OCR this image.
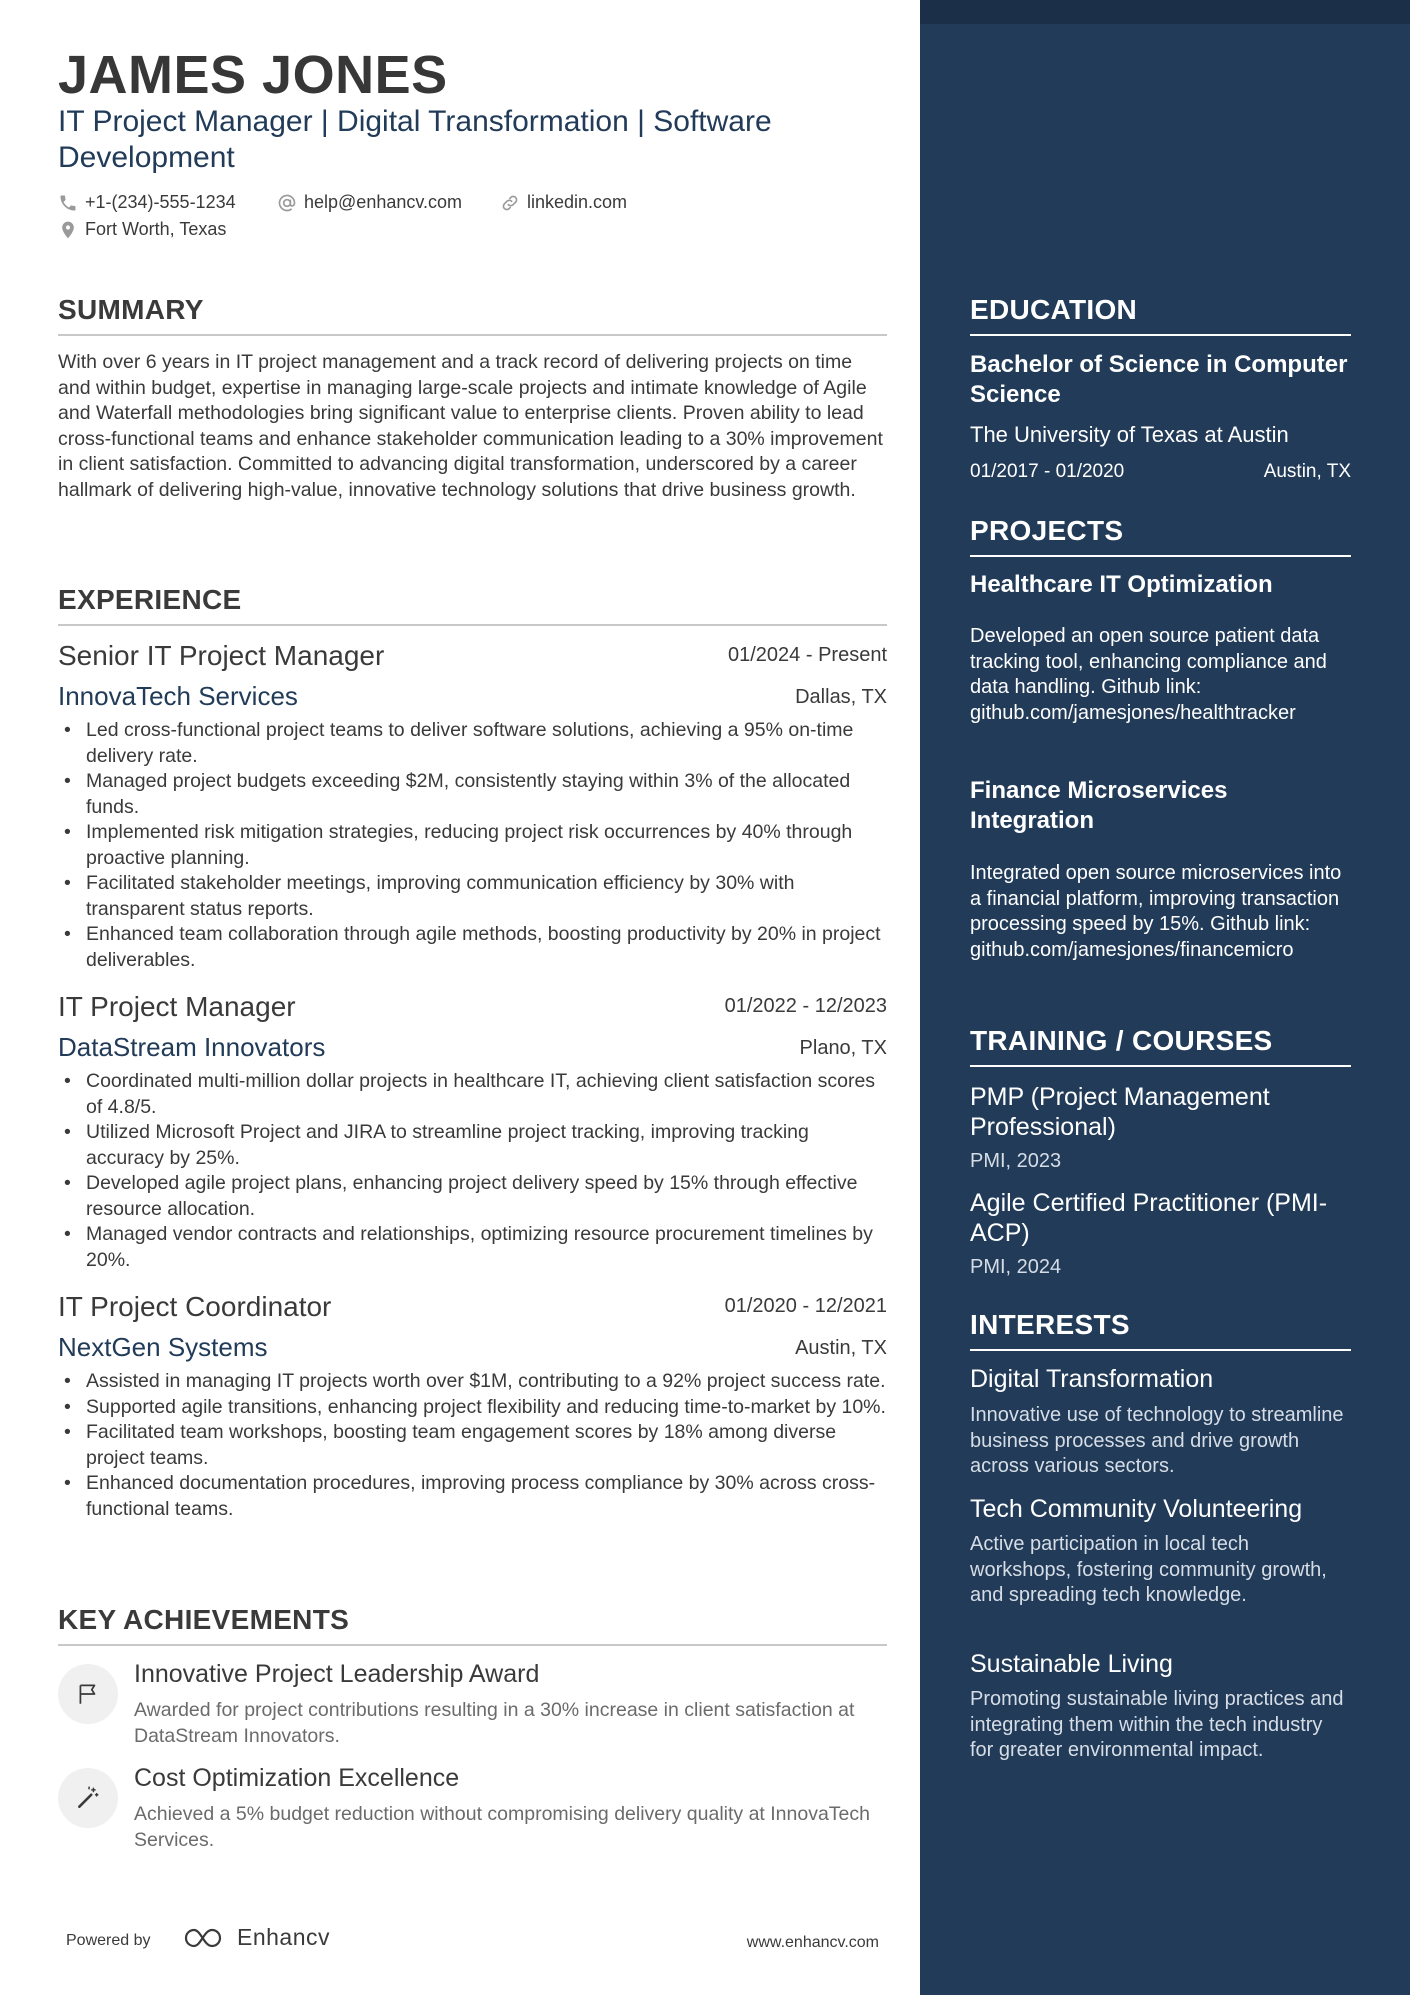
JAMES JONES

IT Project Manager | Digital Transformation | Software Development

+1-(234)-555-1234	help@enhancv.com	linkedin.com
Fort Worth, Texas
SUMMARY

With over 6 years in IT project management and a track record of delivering projects on time and within budget, expertise in managing large-scale projects and intimate knowledge of Agile and Waterfall methodologies bring significant value to enterprise clients. Proven ability to lead cross-functional teams and enhance stakeholder communication leading to a 30% improvement in client satisfaction. Committed to advancing digital transformation, underscored by a career hallmark of delivering high-value, innovative technology solutions that drive business growth.

EXPERIENCE
Senior IT Project Manager	01/2024 - Present
InnovaTech Services	Dallas, TX
• Led cross-functional project teams to deliver software solutions, achieving a 95% on-time delivery rate.
• Managed project budgets exceeding $2M, consistently staying within 3% of the allocated funds.
• Implemented risk mitigation strategies, reducing project risk occurrences by 40% through proactive planning.
• Facilitated stakeholder meetings, improving communication efficiency by 30% with transparent status reports.
• Enhanced team collaboration through agile methods, boosting productivity by 20% in project deliverables.
IT Project Manager	01/2022 - 12/2023
DataStream Innovators	Plano, TX
• Coordinated multi-million dollar projects in healthcare IT, achieving client satisfaction scores of 4.8/5.
• Utilized Microsoft Project and JIRA to streamline project tracking, improving tracking accuracy by 25%.
• Developed agile project plans, enhancing project delivery speed by 15% through effective resource allocation.
• Managed vendor contracts and relationships, optimizing resource procurement timelines by 20%.
IT Project Coordinator	01/2020 - 12/2021
NextGen Systems	Austin, TX
• Assisted in managing IT projects worth over $1M, contributing to a 92% project success rate.
• Supported agile transitions, enhancing project flexibility and reducing time-to-market by 10%.
• Facilitated team workshops, boosting team engagement scores by 18% among diverse project teams.
• Enhanced documentation procedures, improving process compliance by 30% across cross-functional teams.
KEY ACHIEVEMENTS
Innovative Project Leadership Award

Awarded for project contributions resulting in a 30% increase in client satisfaction at DataStream Innovators.

Cost Optimization Excellence

Achieved a 5% budget reduction without compromising delivery quality at InnovaTech Services.

Powered by	Enhancv	www.enhancv.com
EDUCATION

Bachelor of Science in Computer Science

The University of Texas at Austin
01/2017 - 01/2020	Austin, TX
PROJECTS

Healthcare IT Optimization

Developed an open source patient data tracking tool, enhancing compliance and data handling. Github link: github.com/jamesjones/healthtracker

Finance Microservices Integration

Integrated open source microservices into a financial platform, improving transaction processing speed by 15%. Github link: github.com/jamesjones/financemicro

TRAINING / COURSES

PMP (Project Management Professional)

PMI, 2023

Agile Certified Practitioner (PMI-ACP)

PMI, 2024

INTERESTS

Digital Transformation

Innovative use of technology to streamline business processes and drive growth across various sectors.

Tech Community Volunteering

Active participation in local tech workshops, fostering community growth, and spreading tech knowledge.

Sustainable Living

Promoting sustainable living practices and integrating them within the tech industry for greater environmental impact.
